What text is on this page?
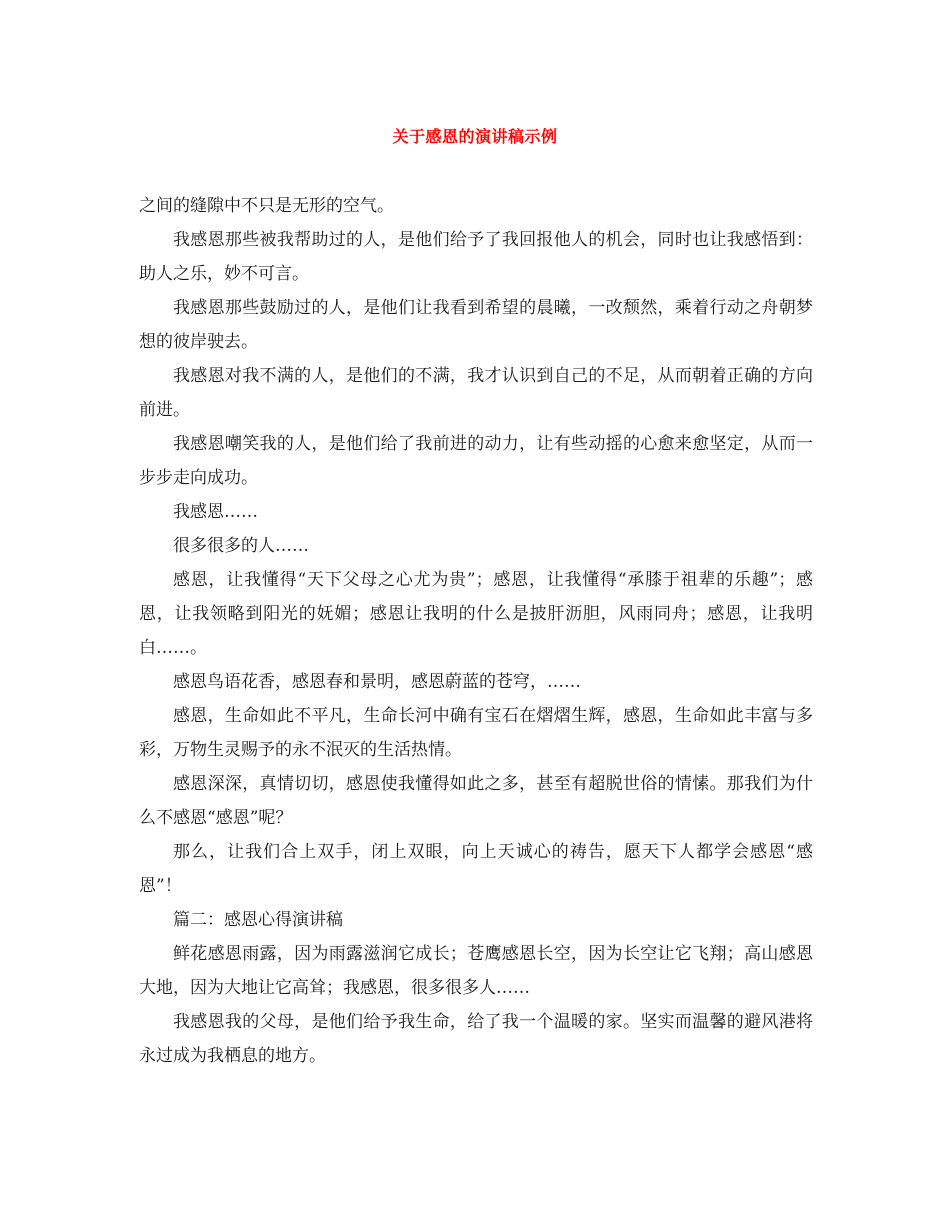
关于感恩的演讲稿示例

之间的缝隙中不只是无形的空气。

我感恩那些被我帮助过的人，是他们给予了我回报他人的机会，同时也让我感悟到：助人之乐，妙不可言。

我感恩那些鼓励过的人，是他们让我看到希望的晨曦，一改颓然，乘着行动之舟朝梦想的彼岸驶去。

我感恩对我不满的人，是他们的不满，我才认识到自己的不足，从而朝着正确的方向前进。

我感恩嘲笑我的人，是他们给了我前进的动力，让有些动摇的心愈来愈坚定，从而一步步走向成功。

我感恩……

很多很多的人……

感恩，让我懂得“天下父母之心尤为贵”；感恩，让我懂得“承膝于祖辈的乐趣”；感恩，让我领略到阳光的妩媚；感恩让我明的什么是披肝沥胆，风雨同舟；感恩，让我明白……。

感恩鸟语花香，感恩春和景明，感恩蔚蓝的苍穹，……

感恩，生命如此不平凡，生命长河中确有宝石在熠熠生辉，感恩，生命如此丰富与多彩，万物生灵赐予的永不泯灭的生活热情。

感恩深深，真情切切，感恩使我懂得如此之多，甚至有超脱世俗的情愫。那我们为什么不感恩“感恩”呢？

那么，让我们合上双手，闭上双眼，向上天诚心的祷告，愿天下人都学会感恩“感恩”！

篇二：感恩心得演讲稿

鲜花感恩雨露，因为雨露滋润它成长；苍鹰感恩长空，因为长空让它飞翔；高山感恩大地，因为大地让它高耸；我感恩，很多很多人……

我感恩我的父母，是他们给予我生命，给了我一个温暖的家。坚实而温馨的避风港将永过成为我栖息的地方。
